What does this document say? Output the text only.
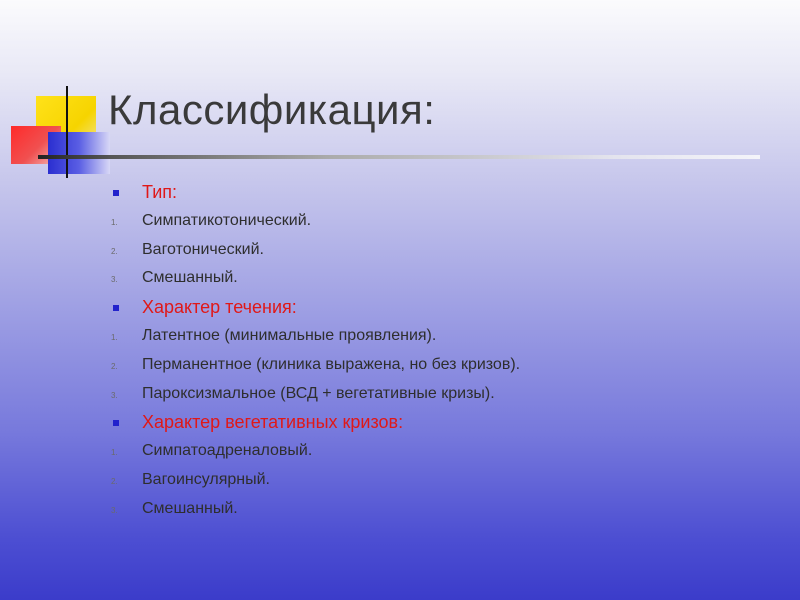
Классификация:
Тип:
1. Симпатикотонический.
2. Ваготонический.
3. Смешанный.
Характер течения:
1. Латентное (минимальные проявления).
2. Перманентное (клиника выражена, но без кризов).
3. Пароксизмальное (ВСД + вегетативные кризы).
Характер вегетативных кризов:
1. Симпатоадреналовый.
2. Вагоинсулярный.
3. Смешанный.
